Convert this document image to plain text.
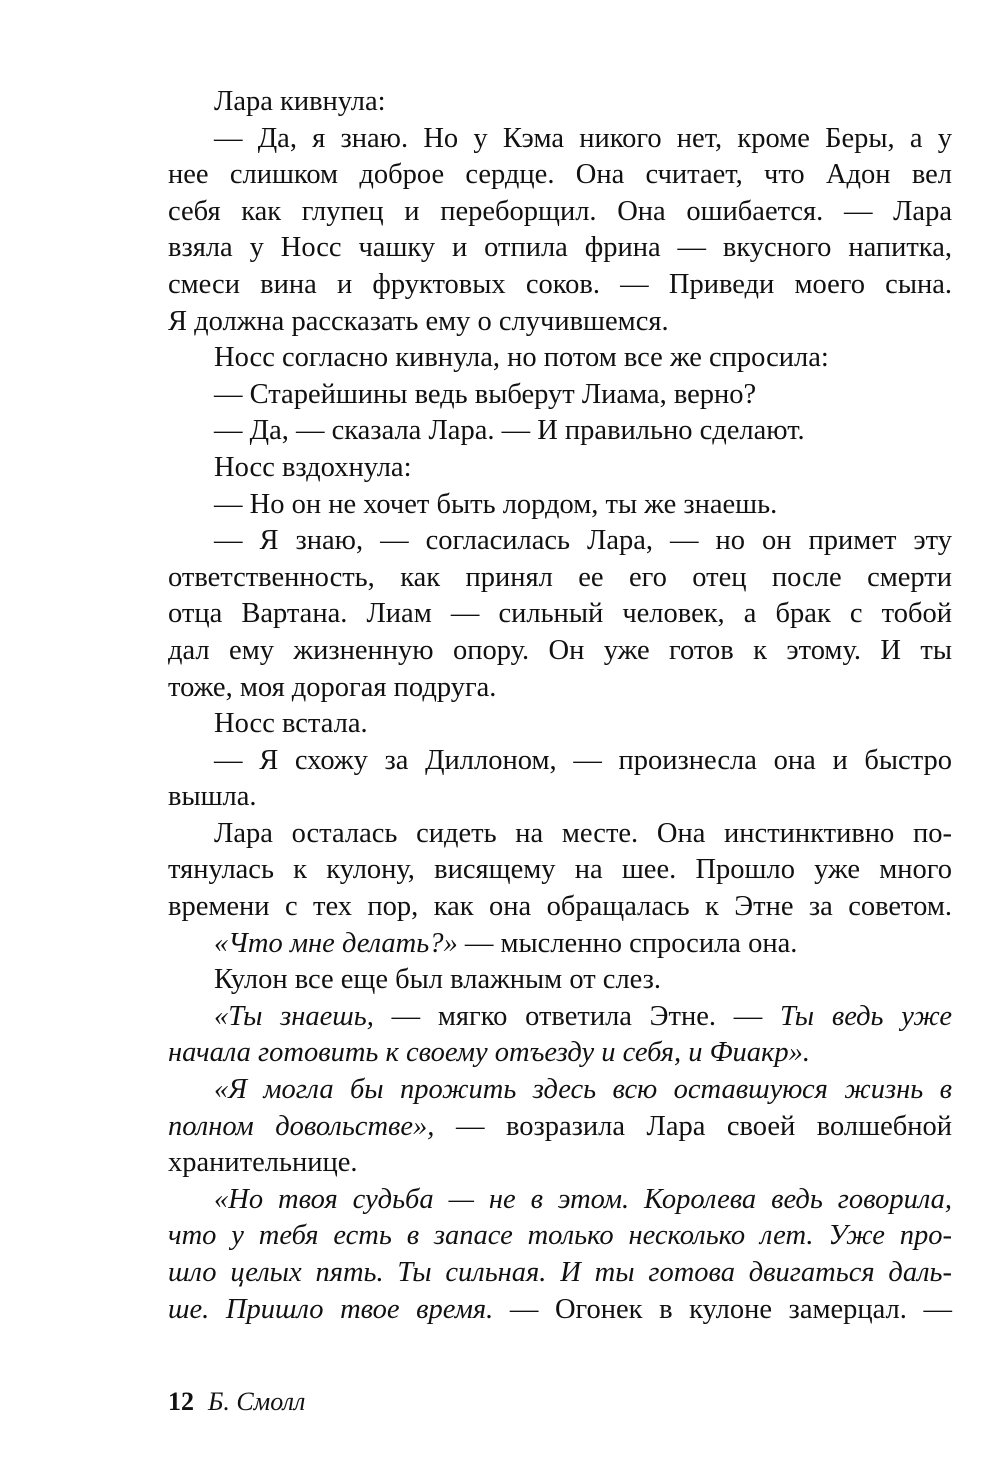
Лара кивнула:
— Да, я знаю. Но у Кэма никого нет, кроме Беры, а у
нее слишком доброе сердце. Она считает, что Адон вел
себя как глупец и переборщил. Она ошибается. — Лара
взяла у Носс чашку и отпила фрина — вкусного напитка,
смеси вина и фруктовых соков. — Приведи моего сына.
Я должна рассказать ему о случившемся.
Носс согласно кивнула, но потом все же спросила:
— Старейшины ведь выберут Лиама, верно?
— Да, — сказала Лара. — И правильно сделают.
Носс вздохнула:
— Но он не хочет быть лордом, ты же знаешь.
— Я знаю, — согласилась Лара, — но он примет эту
ответственность, как принял ее его отец после смерти
отца Вартана. Лиам — сильный человек, а брак с тобой
дал ему жизненную опору. Он уже готов к этому. И ты
тоже, моя дорогая подруга.
Носс встала.
— Я схожу за Диллоном, — произнесла она и быстро
вышла.
Лара осталась сидеть на месте. Она инстинктивно по-
тянулась к кулону, висящему на шее. Прошло уже много
времени с тех пор, как она обращалась к Этне за советом.
«Что мне делать?» — мысленно спросила она.
Кулон все еще был влажным от слез.
«Ты знаешь, — мягко ответила Этне. — Ты ведь уже
начала готовить к своему отъезду и себя, и Фиакр».
«Я могла бы прожить здесь всю оставшуюся жизнь в
полном довольстве», — возразила Лара своей волшебной
хранительнице.
«Но твоя судьба — не в этом. Королева ведь говорила,
что у тебя есть в запасе только несколько лет. Уже про-
шло целых пять. Ты сильная. И ты готова двигаться даль-
ше. Пришло твое время. — Огонек в кулоне замерцал. —
12 Б. Смолл
